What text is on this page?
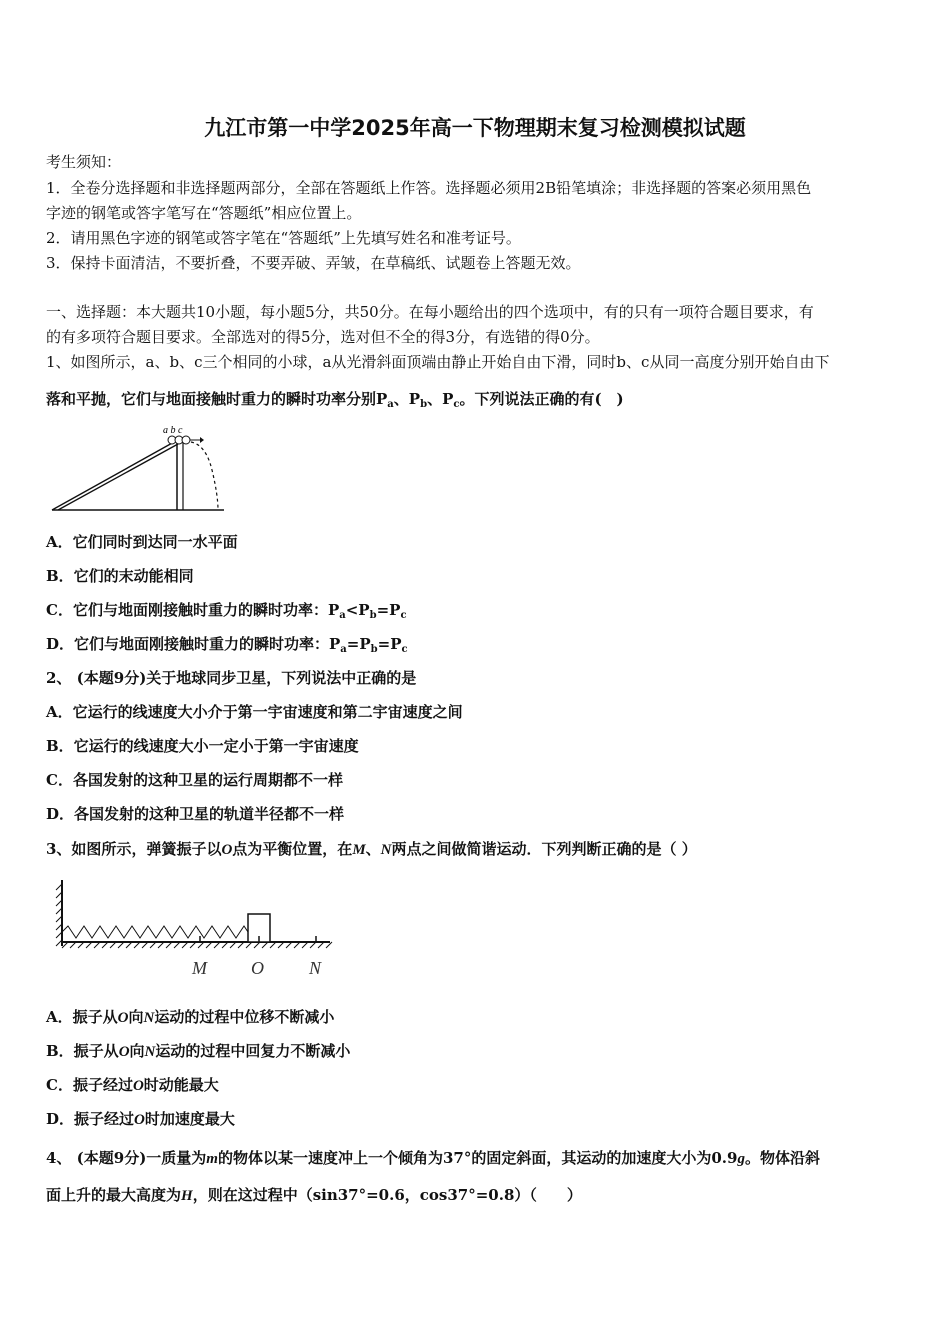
九江市第一中学2025年高一下物理期末复习检测模拟试题
考生须知：
1．全卷分选择题和非选择题两部分，全部在答题纸上作答。选择题必须用2B铅笔填涂；非选择题的答案必须用黑色
字迹的钢笔或答字笔写在“答题纸”相应位置上。
2．请用黑色字迹的钢笔或答字笔在“答题纸”上先填写姓名和准考证号。
3．保持卡面清洁，不要折叠，不要弄破、弄皱，在草稿纸、试题卷上答题无效。
一、选择题：本大题共10小题，每小题5分，共50分。在每小题给出的四个选项中，有的只有一项符合题目要求，有
的有多项符合题目要求。全部选对的得5分，选对但不全的得3分，有选错的得0分。
1、如图所示，a、b、c三个相同的小球，a从光滑斜面顶端由静止开始自由下滑，同时b、c从同一高度分别开始自由下
落和平抛，它们与地面接触时重力的瞬时功率分别$P_a$、$P_b$、$P_c$。下列说法正确的有(　)
a b c
A．它们同时到达同一水平面
B．它们的末动能相同
C．它们与地面刚接触时重力的瞬时功率：$P_a<P_b=P_c$
D．它们与地面刚接触时重力的瞬时功率：$P_a=P_b=P_c$
2、 (本题9分)关于地球同步卫星，下列说法中正确的是
A．它运行的线速度大小介于第一宇宙速度和第二宇宙速度之间
B．它运行的线速度大小一定小于第一宇宙速度
C．各国发射的这种卫星的运行周期都不一样
D．各国发射的这种卫星的轨道半径都不一样
3、如图所示，弹簧振子以O点为平衡位置，在M、N两点之间做简谐运动．下列判断正确的是（ ）
M O	N
A．振子从O向N运动的过程中位移不断减小
B．振子从O向N运动的过程中回复力不断减小
C．振子经过O时动能最大
D．振子经过O时加速度最大
4、 (本题9分)一质量为m的物体以某一速度冲上一个倾角为37°的固定斜面，其运动的加速度大小为0.9g。物体沿斜
面上升的最大高度为H，则在这过程中（sin37°=0.6，cos37°=0.8）（　　）
